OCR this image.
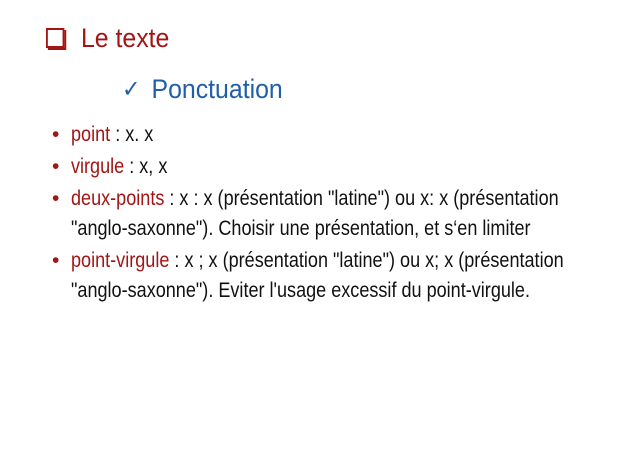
Le texte
✓ Ponctuation
• point : x. x
• virgule : x, x
• deux-points : x : x (présentation "latine") ou x: x (présentation "anglo-saxonne"). Choisir une présentation, et s‘en limiter
• point-virgule : x ; x (présentation "latine") ou x; x (présentation "anglo-saxonne"). Eviter l'usage excessif du point-virgule.
